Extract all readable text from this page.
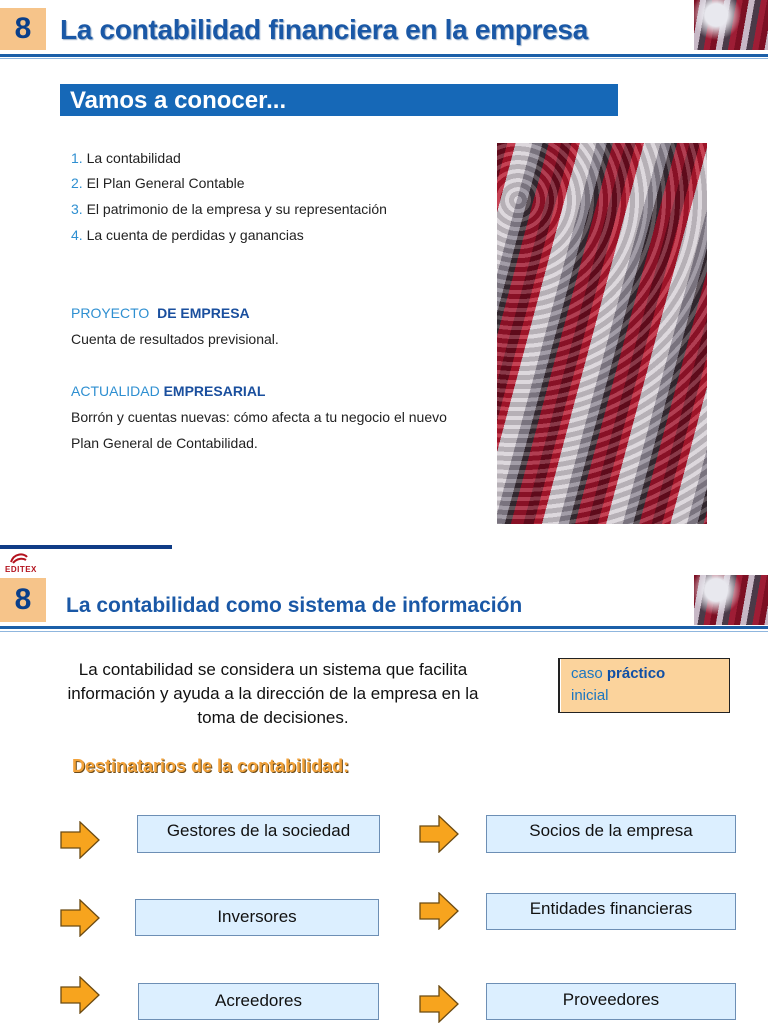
8	La contabilidad financiera en la empresa
Vamos a conocer...
1. La contabilidad
2. El Plan General Contable
3. El patrimonio de la empresa y su representación
4. La cuenta de perdidas y ganancias
PROYECTO DE EMPRESA
Cuenta de resultados previsional.
ACTUALIDAD EMPRESARIAL
Borrón y cuentas nuevas: cómo afecta a tu negocio el nuevo
Plan General de Contabilidad.
EDITEX
8	La contabilidad como sistema de información
La contabilidad se considera un sistema que facilita
información y ayuda a la dirección de la empresa en la
toma de decisiones.
caso práctico
inicial
Destinatarios de la contabilidad:
Gestores de la sociedad
Inversores
Acreedores
Socios de la empresa
Entidades financieras
Proveedores
